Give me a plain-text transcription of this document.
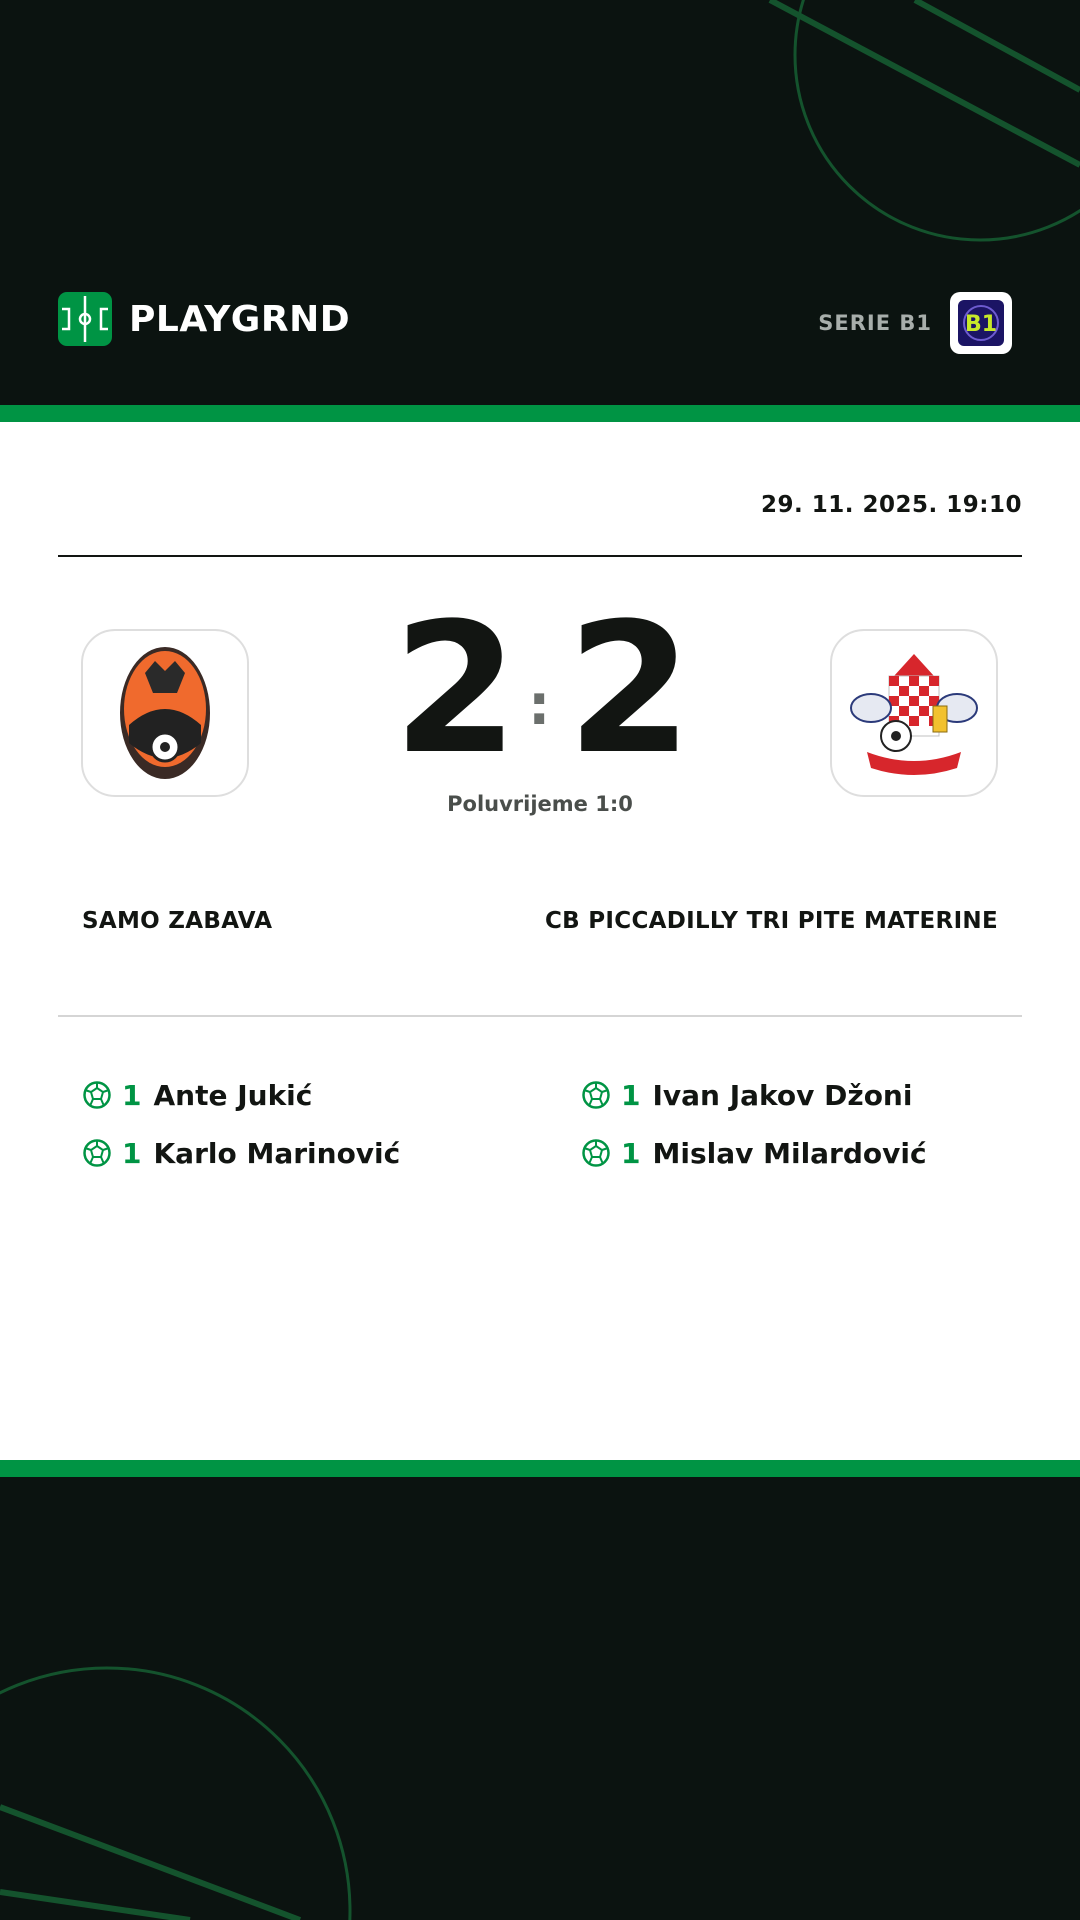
PLAYGRND	SERIE B1 B1
29. 11. 2025. 19:10
2 : 2
Poluvrijeme 1:0
SAMO ZABAVA	CB PICCADILLY TRI PITE MATERINE
1 Ante Jukić
1 Karlo Marinović
1 Ivan Jakov Džoni
1 Mislav Milardović
